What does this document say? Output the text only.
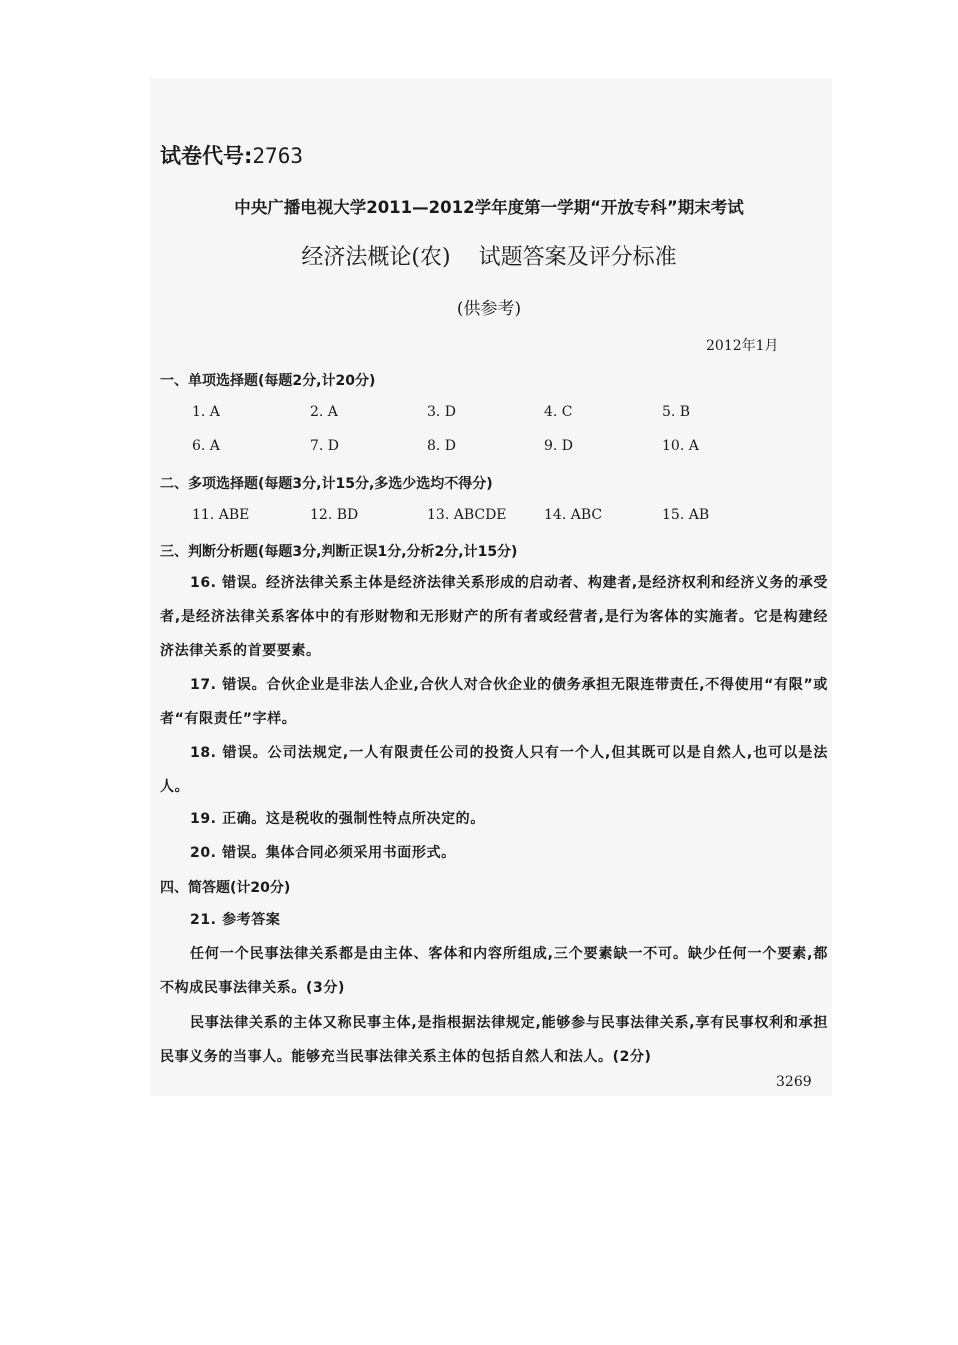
试卷代号:2763
中央广播电视大学2011—2012学年度第一学期“开放专科”期末考试
经济法概论(农) 试题答案及评分标准
(供参考)
2012年1月
一、单项选择题(每题2分,计20分)
1. A	2. A	3. D	4. C	5. B
6. A	7. D	8. D	9. D	10. A
二、多项选择题(每题3分,计15分,多选少选均不得分)
11. ABE	12. BD	13. ABCDE	14. ABC	15. AB
三、判断分析题(每题3分,判断正误1分,分析2分,计15分)
16. 错误。经济法律关系主体是经济法律关系形成的启动者、构建者,是经济权利和经济义务的承受者,是经济法律关系客体中的有形财物和无形财产的所有者或经营者,是行为客体的实施者。它是构建经济法律关系的首要要素。
17. 错误。合伙企业是非法人企业,合伙人对合伙企业的债务承担无限连带责任,不得使用“有限”或者“有限责任”字样。
18. 错误。公司法规定,一人有限责任公司的投资人只有一个人,但其既可以是自然人,也可以是法人。
19. 正确。这是税收的强制性特点所决定的。
20. 错误。集体合同必须采用书面形式。
四、简答题(计20分)
21. 参考答案
任何一个民事法律关系都是由主体、客体和内容所组成,三个要素缺一不可。缺少任何一个要素,都不构成民事法律关系。(3分)
民事法律关系的主体又称民事主体,是指根据法律规定,能够参与民事法律关系,享有民事权利和承担民事义务的当事人。能够充当民事法律关系主体的包括自然人和法人。(2分)
3269
